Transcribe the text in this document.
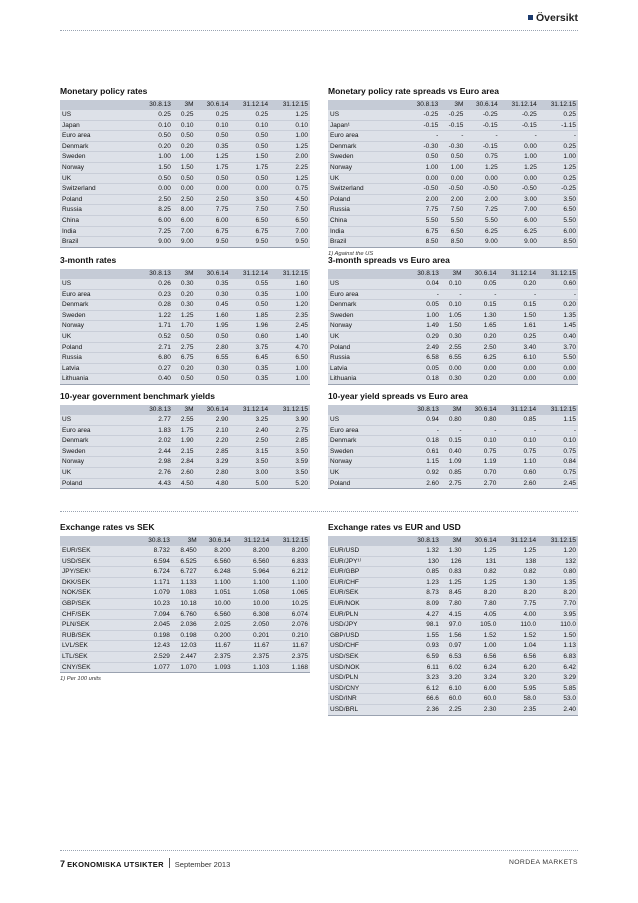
Översikt
Monetary policy rates
	30.8.13	3M	30.6.14	31.12.14	31.12.15
US	0.25	0.25	0.25	0.25	1.25
Japan	0.10	0.10	0.10	0.10	0.10
Euro area	0.50	0.50	0.50	0.50	1.00
Denmark	0.20	0.20	0.35	0.50	1.25
Sweden	1.00	1.00	1.25	1.50	2.00
Norway	1.50	1.50	1.75	1.75	2.25
UK	0.50	0.50	0.50	0.50	1.25
Switzerland	0.00	0.00	0.00	0.00	0.75
Poland	2.50	2.50	2.50	3.50	4.50
Russia	8.25	8.00	7.75	7.50	7.50
China	6.00	6.00	6.00	6.50	6.50
India	7.25	7.00	6.75	6.75	7.00
Brazil	9.00	9.00	9.50	9.50	9.50
Monetary policy rate spreads vs Euro area
	30.8.13	3M	30.6.14	31.12.14	31.12.15
US	-0.25	-0.25	-0.25	-0.25	0.25
Japan¹	-0.15	-0.15	-0.15	-0.15	-1.15
Euro area	-	-	-	-	-
Denmark	-0.30	-0.30	-0.15	0.00	0.25
Sweden	0.50	0.50	0.75	1.00	1.00
Norway	1.00	1.00	1.25	1.25	1.25
UK	0.00	0.00	0.00	0.00	0.25
Switzerland	-0.50	-0.50	-0.50	-0.50	-0.25
Poland	2.00	2.00	2.00	3.00	3.50
Russia	7.75	7.50	7.25	7.00	6.50
China	5.50	5.50	5.50	6.00	5.50
India	6.75	6.50	6.25	6.25	6.00
Brazil	8.50	8.50	9.00	9.00	8.50
1) Against the US
3-month rates
	30.8.13	3M	30.6.14	31.12.14	31.12.15
US	0.26	0.30	0.35	0.55	1.60
Euro area	0.23	0.20	0.30	0.35	1.00
Denmark	0.28	0.30	0.45	0.50	1.20
Sweden	1.22	1.25	1.60	1.85	2.35
Norway	1.71	1.70	1.95	1.96	2.45
UK	0.52	0.50	0.50	0.60	1.40
Poland	2.71	2.75	2.80	3.75	4.70
Russia	6.80	6.75	6.55	6.45	6.50
Latvia	0.27	0.20	0.30	0.35	1.00
Lithuania	0.40	0.50	0.50	0.35	1.00
3-month spreads vs Euro area
	30.8.13	3M	30.6.14	31.12.14	31.12.15
US	0.04	0.10	0.05	0.20	0.60
Euro area	-	-	-	-	-
Denmark	0.05	0.10	0.15	0.15	0.20
Sweden	1.00	1.05	1.30	1.50	1.35
Norway	1.49	1.50	1.65	1.61	1.45
UK	0.29	0.30	0.20	0.25	0.40
Poland	2.49	2.55	2.50	3.40	3.70
Russia	6.58	6.55	6.25	6.10	5.50
Latvia	0.05	0.00	0.00	0.00	0.00
Lithuania	0.18	0.30	0.20	0.00	0.00
10-year government benchmark yields
	30.8.13	3M	30.6.14	31.12.14	31.12.15
US	2.77	2.55	2.90	3.25	3.90
Euro area	1.83	1.75	2.10	2.40	2.75
Denmark	2.02	1.90	2.20	2.50	2.85
Sweden	2.44	2.15	2.85	3.15	3.50
Norway	2.98	2.84	3.29	3.50	3.59
UK	2.76	2.60	2.80	3.00	3.50
Poland	4.43	4.50	4.80	5.00	5.20
10-year yield spreads vs Euro area
	30.8.13	3M	30.6.14	31.12.14	31.12.15
US	0.94	0.80	0.80	0.85	1.15
Euro area	-	-	-	-	-
Denmark	0.18	0.15	0.10	0.10	0.10
Sweden	0.61	0.40	0.75	0.75	0.75
Norway	1.15	1.09	1.19	1.10	0.84
UK	0.92	0.85	0.70	0.60	0.75
Poland	2.60	2.75	2.70	2.60	2.45
Exchange rates vs SEK
	30.8.13	3M	30.6.14	31.12.14	31.12.15
EUR/SEK	8.732	8.450	8.200	8.200	8.200
USD/SEK	6.594	6.525	6.560	6.560	6.833
JPY/SEK¹	6.724	6.727	6.248	5.964	6.212
DKK/SEK	1.171	1.133	1.100	1.100	1.100
NOK/SEK	1.079	1.083	1.051	1.058	1.065
GBP/SEK	10.23	10.18	10.00	10.00	10.25
CHF/SEK	7.094	6.760	6.560	6.308	6.074
PLN/SEK	2.045	2.036	2.025	2.050	2.076
RUB/SEK	0.198	0.198	0.200	0.201	0.210
LVL/SEK	12.43	12.03	11.67	11.67	11.67
LTL/SEK	2.529	2.447	2.375	2.375	2.375
CNY/SEK	1.077	1.070	1.093	1.103	1.168
1) Per 100 units
Exchange rates vs EUR and USD
	30.8.13	3M	30.6.14	31.12.14	31.12.15
EUR/USD	1.32	1.30	1.25	1.25	1.20
EUR/JPY¹⁾	130	126	131	138	132
EUR/GBP	0.85	0.83	0.82	0.82	0.80
EUR/CHF	1.23	1.25	1.25	1.30	1.35
EUR/SEK	8.73	8.45	8.20	8.20	8.20
EUR/NOK	8.09	7.80	7.80	7.75	7.70
EUR/PLN	4.27	4.15	4.05	4.00	3.95
USD/JPY	98.1	97.0	105.0	110.0	110.0
GBP/USD	1.55	1.56	1.52	1.52	1.50
USD/CHF	0.93	0.97	1.00	1.04	1.13
USD/SEK	6.59	6.53	6.56	6.56	6.83
USD/NOK	6.11	6.02	6.24	6.20	6.42
USD/PLN	3.23	3.20	3.24	3.20	3.29
USD/CNY	6.12	6.10	6.00	5.95	5.85
USD/INR	66.6	60.0	60.0	58.0	53.0
USD/BRL	2.36	2.25	2.30	2.35	2.40
7 EKONOMISKA UTSIKTER September 2013	NORDEA MARKETS
